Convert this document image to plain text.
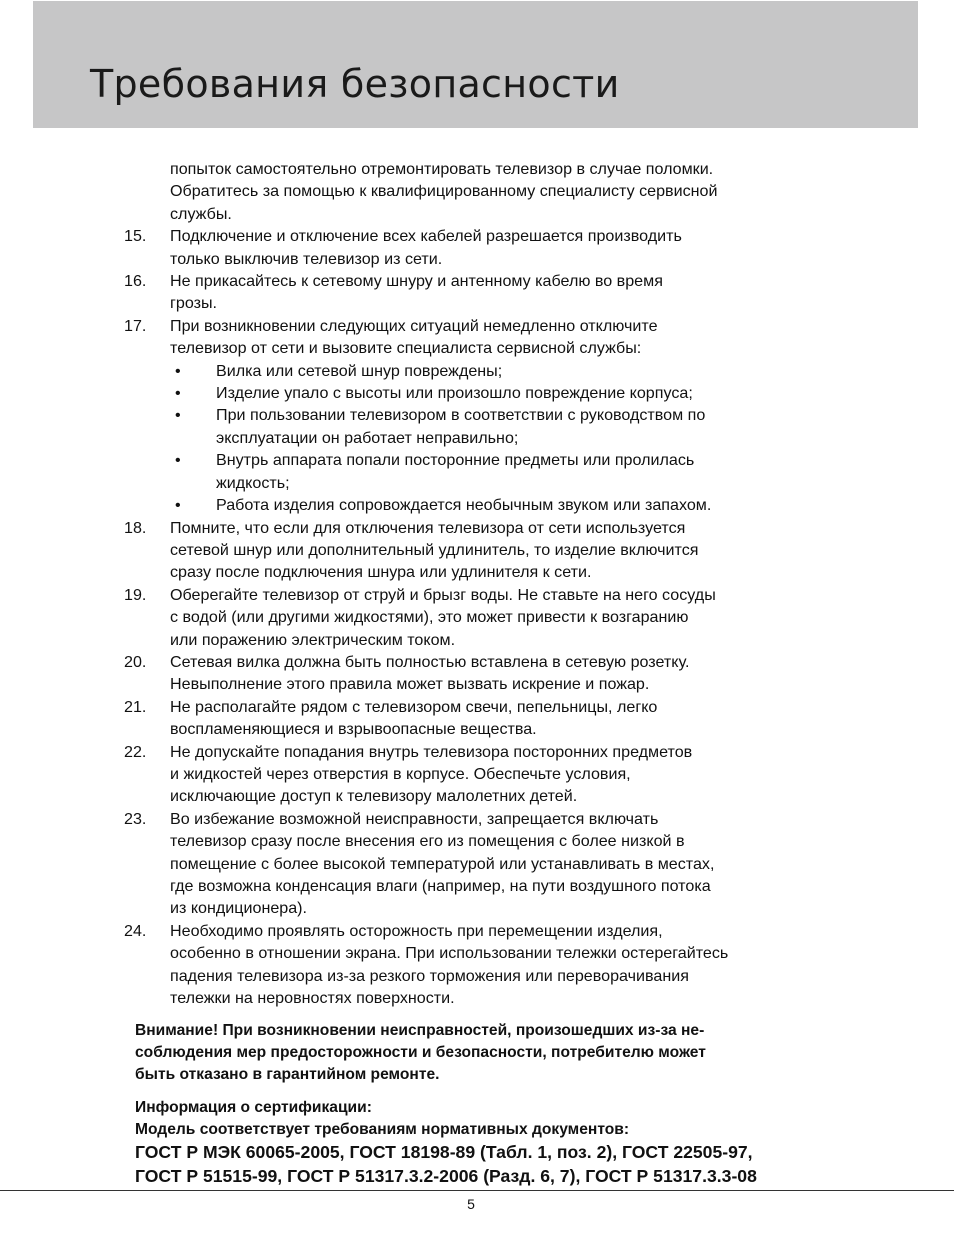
Требования безопасности
попыток самостоятельно отремонтировать телевизор в случае поломки.
Обратитесь за помощью к квалифицированному специалисту сервисной
службы.
15.	Подключение и отключение всех кабелей разрешается производить
только выключив телевизор из сети.
16.	Не прикасайтесь к сетевому шнуру и антенному кабелю во время
грозы.
17.	При возникновении следующих ситуаций немедленно отключите
телевизор от сети и вызовите специалиста сервисной службы:
•	Вилка или сетевой шнур повреждены;
•	Изделие упало с высоты или произошло повреждение корпуса;
•	При пользовании телевизором в соответствии с руководством по
эксплуатации он работает неправильно;
•	Внутрь аппарата попали посторонние предметы или пролилась
жидкость;
•	Работа изделия сопровождается необычным звуком или запахом.
18.	Помните, что если для отключения телевизора от сети используется
сетевой шнур или дополнительный удлинитель, то изделие включится
сразу после подключения шнура или удлинителя к сети.
19.	Оберегайте телевизор от струй и брызг воды. Не ставьте на него сосуды
с водой (или другими жидкостями), это может привести к возгаранию
или поражению электрическим током.
20.	Сетевая вилка должна быть полностью вставлена в сетевую розетку.
Невыполнение этого правила может вызвать искрение и пожар.
21.	Не располагайте рядом с телевизором свечи, пепельницы, легко
воспламеняющиеся и взрывоопасные вещества.
22.	Не допускайте попадания внутрь телевизора посторонних предметов
и жидкостей через отверстия в корпусе. Обеспечьте условия,
исключающие доступ к телевизору малолетних детей.
23.	Во избежание возможной неисправности, запрещается включать
телевизор сразу после внесения его из помещения с более низкой в
помещение с более высокой температурой или устанавливать в местах,
где возможна конденсация влаги (например, на пути воздушного потока
из кондиционера).
24.	Необходимо проявлять осторожность при перемещении изделия,
особенно в отношении экрана. При использовании тележки остерегайтесь
падения телевизора из-за резкого торможения или переворачивания
тележки на неровностях поверхности.
Внимание! При возникновении неисправностей, произошедших из-за не-
соблюдения мер предосторожности и безопасности, потребителю может
быть отказано в гарантийном ремонте.
Информация о сертификации:
Модель соответствует требованиям нормативных документов:
ГОСТ Р МЭК 60065-2005, ГОСТ 18198-89 (Табл. 1, поз. 2), ГОСТ 22505-97,
ГОСТ Р 51515-99, ГОСТ Р 51317.3.2-2006 (Разд. 6, 7), ГОСТ Р 51317.3.3-08
5
